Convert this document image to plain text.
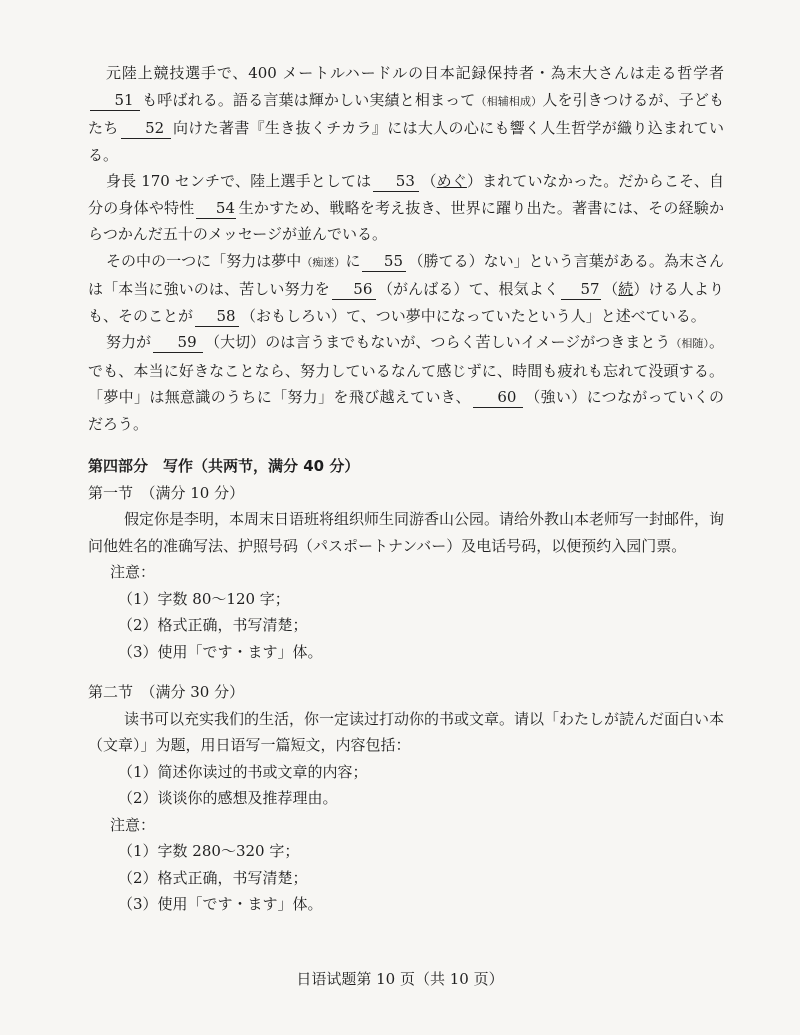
元陸上競技選手で、400 メートルハードルの日本記録保持者・為末大さんは走る哲学者51 も呼ばれる。語る言葉は輝かしい実績と相まって（相辅相成）人を引きつけるが、子どもたち 52 向けた著書『生き抜くチカラ』には大人の心にも響く人生哲学が織り込まれている。

身長 170 センチで、陸上選手としては 53 （めぐ）まれていなかった。だからこそ、自分の身体や特性 54 生かすため、戦略を考え抜き、世界に躍り出た。著書には、その経験からつかんだ五十のメッセージが並んでいる。

その中の一つに「努力は夢中（痴迷）に 55 （勝てる）ない」という言葉がある。為末さんは「本当に強いのは、苦しい努力を 56 （がんばる）て、根気よく 57 （続）ける人よりも、そのことが 58 （おもしろい）て、つい夢中になっていたという人」と述べている。

努力が 59 （大切）のは言うまでもないが、つらく苦しいイメージがつきまとう（相随）。でも、本当に好きなことなら、努力しているなんて感じずに、時間も疲れも忘れて没頭する。「夢中」は無意識のうちに「努力」を飛び越えていき、 60 （強い）につながっていくのだろう。

第四部分　写作（共两节，满分 40 分）

第一节　（满分 10 分）

假定你是李明，本周末日语班将组织师生同游香山公园。请给外教山本老师写一封邮件，询问他姓名的准确写法、护照号码（パスポートナンバー）及电话号码，以便预约入园门票。

注意：

（1）字数 80～120 字；

（2）格式正确，书写清楚；

（3）使用「です・ます」体。

第二节　（满分 30 分）

读书可以充实我们的生活，你一定读过打动你的书或文章。请以「わたしが読んだ面白い本（文章）」为题，用日语写一篇短文，内容包括：

（1）简述你读过的书或文章的内容；

（2）谈谈你的感想及推荐理由。

注意：

（1）字数 280～320 字；

（2）格式正确，书写清楚；

（3）使用「です・ます」体。

日语试题第 10 页（共 10 页）
